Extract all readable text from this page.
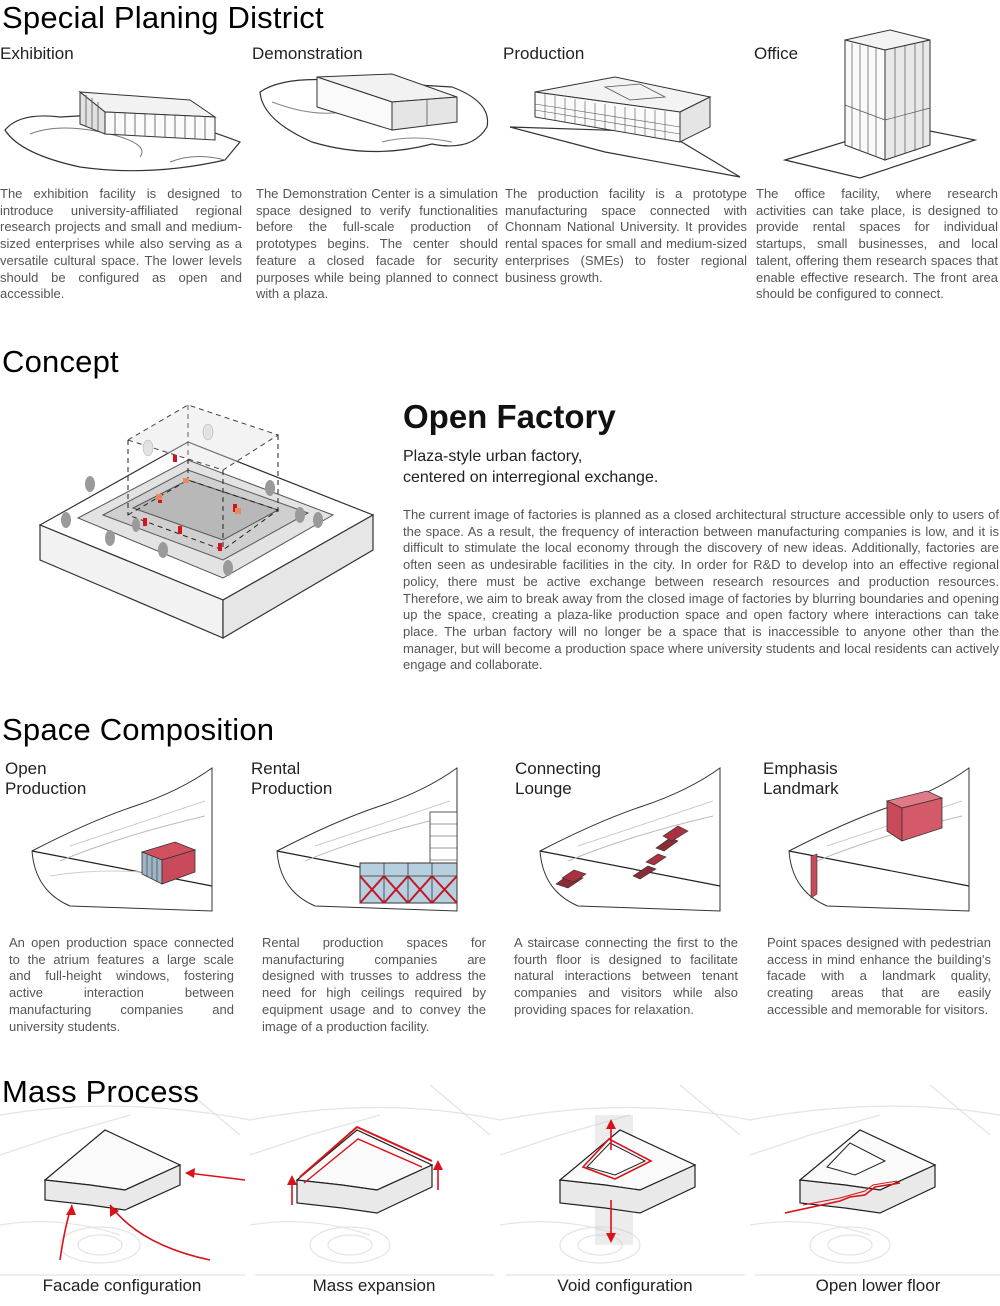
Special Planing District

Exhibition

The exhibition facility is designed to introduce university-affiliated regional research projects and small and medium-sized enterprises while also serving as a versatile cultural space. The lower levels should be configured as open and accessible.

Demonstration

The Demonstration Center is a simulation space designed to verify functionalities before the full-scale production of prototypes begins. The center should feature a closed facade for security purposes while being planned to connect with a plaza.

Production

The production facility is a prototype manufacturing space connected with Chonnam National University. It provides rental spaces for small and medium-sized enterprises (SMEs) to foster regional business growth.

Office

The office facility, where research activities can take place, is designed to provide rental spaces for individual startups, small businesses, and local talent, offering them research spaces that enable effective research. The front area should be configured to connect.

Concept
Open Factory

Plaza-style urban factory,
centered on interregional exchange.

The current image of factories is planned as a closed architectural structure accessible only to users of the space. As a result, the frequency of interaction between manufacturing companies is low, and it is difficult to stimulate the local economy through the discovery of new ideas. Additionally, factories are often seen as undesirable facilities in the city. In order for R&D to develop into an effective regional policy, there must be active exchange between research resources and production resources. Therefore, we aim to break away from the closed image of factories by blurring boundaries and opening up the space, creating a plaza-like production space and open factory where interactions can take place. The urban factory will no longer be a space that is inaccessible to anyone other than the manager, but will become a production space where university students and local residents can actively engage and collaborate.

Space Composition

Open
Production

An open production space connected to the atrium features a large scale and full-height windows, fostering active interaction between manufacturing companies and university students.

Rental
Production

Rental production spaces for manufacturing companies are designed with trusses to address the need for high ceilings required by equipment usage and to convey the image of a production facility.

Connecting
Lounge

A staircase connecting the first to the fourth floor is designed to facilitate natural interactions between tenant companies and visitors while also providing spaces for relaxation.

Emphasis
Landmark

Point spaces designed with pedestrian access in mind enhance the building's facade with a landmark quality, creating areas that are easily accessible and memorable for visitors.

Mass Process

Facade configuration	Mass expansion	Void configuration	Open lower floor
